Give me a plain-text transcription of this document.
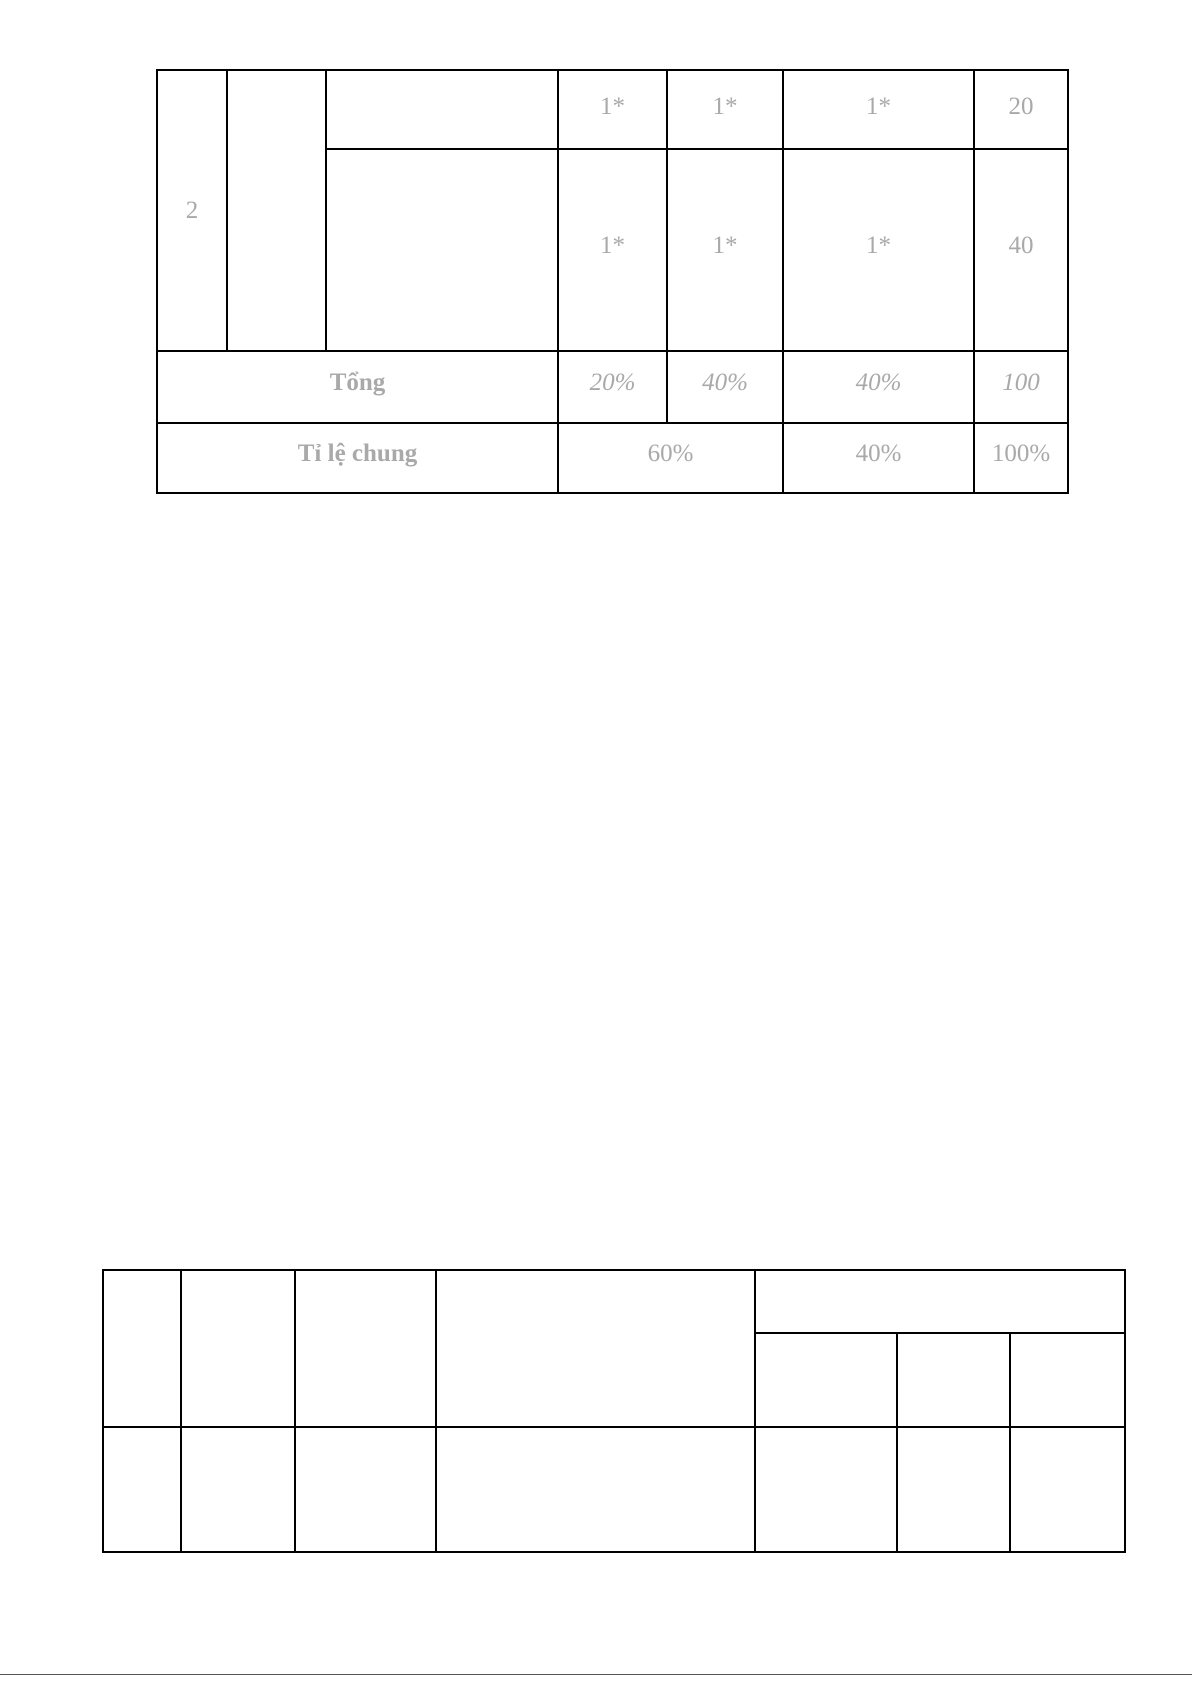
2			1*	1*	1*	20
			1*	1*	1*	40
Tổng			20%	40%	40%	100
Tỉ lệ chung			60%		40%	100%
